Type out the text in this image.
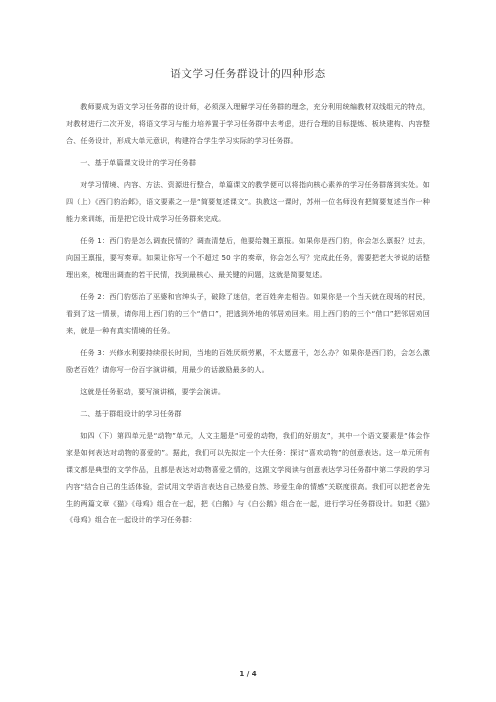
语文学习任务群设计的四种形态

教师要成为语文学习任务群的设计师，必须深入理解学习任务群的理念，充分利用统编教材双线组元的特点，对教材进行二次开发，将语文学习与能力培养置于学习任务群中去考虑，进行合理的目标提炼、板块建构、内容整合、任务设计，形成大单元意识，构建符合学生学习实际的学习任务群。

一、基于单篇课文设计的学习任务群

对学习情境、内容、方法、资源进行整合，单篇课文的教学便可以将指向核心素养的学习任务群落到实处。如四（上）《西门豹治邺》，语文要素之一是“简要复述课文”。执教这一课时，苏州一位名师没有把简要复述当作一种能力来训练，而是把它设计成学习任务群来完成。

任务 1：西门豹是怎么调查民情的？调查清楚后，他要给魏王禀报。如果你是西门豹，你会怎么禀报？过去，向国王禀报，要写奏章。如果让你写一个不超过 50 字的奏章，你会怎么写？完成此任务，需要把老大爷说的话整理出来，梳理出调查的若干民情，找到最核心、最关键的问题，这就是简要复述。

任务 2：西门豹惩治了巫婆和官绅头子，破除了迷信，老百姓奔走相告。如果你是一个当天就在现场的村民，看到了这一情景，请你用上西门豹的三个“借口”，把逃到外地的邻居劝回来。用上西门豹的三个“借口”把邻居劝回来，就是一种有真实情境的任务。

任务 3：兴修水利要持续很长时间，当地的百姓厌烦劳累，不太愿意干，怎么办？如果你是西门豹，会怎么激励老百姓？请你写一份百字演讲稿，用最少的话激励最多的人。

这就是任务驱动，要写演讲稿，要学会演讲。

二、基于群组设计的学习任务群

如四（下）第四单元是“动物”单元，人文主题是“可爱的动物，我们的好朋友”，其中一个语文要素是“体会作家是如何表达对动物的喜爱的”。据此，我们可以先拟定一个大任务：探讨“喜欢动物”的创意表达。这一单元所有课文都是典型的文学作品，且都是表达对动物喜爱之情的，这跟文学阅读与创意表达学习任务群中第二学段的学习内容“结合自己的生活体验，尝试用文学语言表达自己热爱自然、珍爱生命的情感”关联度很高。我们可以把老舍先生的两篇文章《猫》《母鸡》组合在一起，把《白鹅》与《白公鹅》组合在一起，进行学习任务群设计。如把《猫》《母鸡》组合在一起设计的学习任务群：

1 / 4
